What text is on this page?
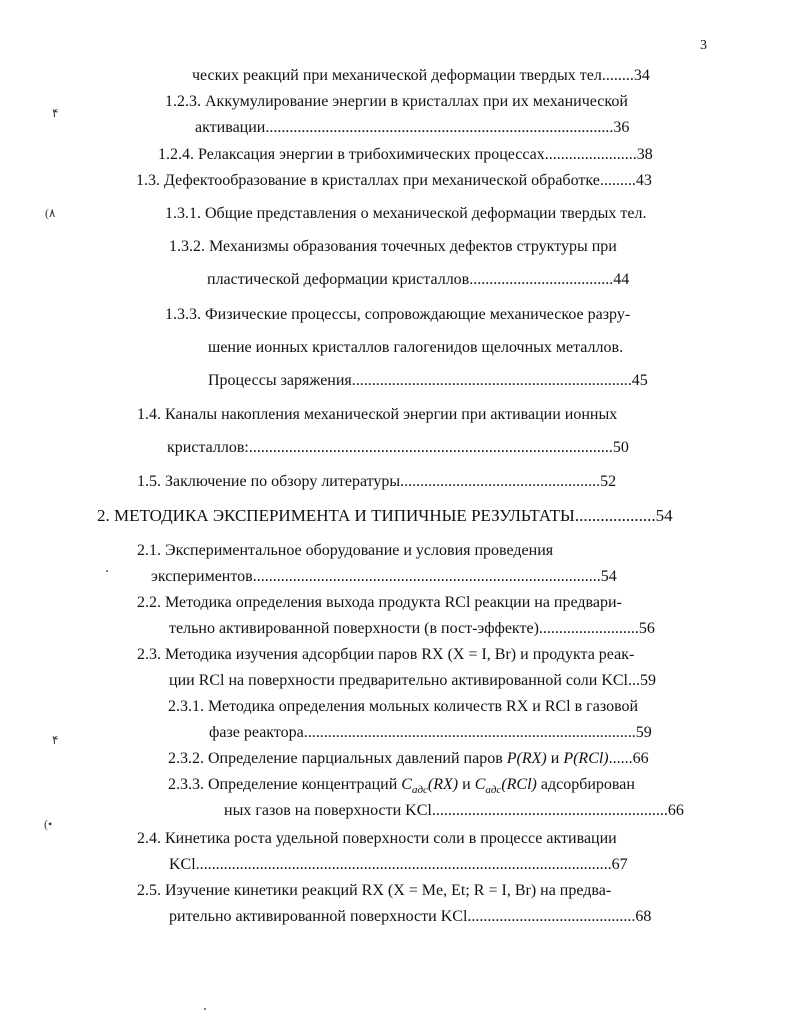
3
۴
(۸
۴
(•
ческих реакций при механической деформации твердых тел........34
1.2.3. Аккумулирование энергии в кристаллах при их механической
активации.......................................................................................36
1.2.4. Релаксация энергии в трибохимических процессах.......................38
1.3. Дефектообразование в кристаллах при механической обработке.........43
1.3.1. Общие представления о механической деформации твердых тел.
1.3.2. Механизмы образования точечных дефектов структуры при
пластической деформации кристаллов....................................44
1.3.3. Физические процессы, сопровождающие механическое разру-
шение ионных кристаллов галогенидов щелочных металлов.
Процессы заряжения......................................................................45
1.4. Каналы накопления механической энергии при активации ионных
кристаллов:...........................................................................................50
1.5. Заключение по обзору литературы..................................................52
2. МЕТОДИКА ЭКСПЕРИМЕНТА И ТИПИЧНЫЕ РЕЗУЛЬТАТЫ...................54
2.1. Экспериментальное оборудование и условия проведения
экспериментов.......................................................................................54
2.2. Методика определения выхода продукта RCl реакции на предвари-
тельно активированной поверхности (в пост-эффекте).........................56
2.3. Методика изучения адсорбции паров RX (X = I, Br) и продукта реак-
ции RCl на поверхности предварительно активированной соли KCl...59
2.3.1. Методика определения мольных количеств RX и RCl в газовой
фазе реактора...................................................................................59
2.3.2. Определение парциальных давлений паров P(RX) и P(RCl)......66
2.3.3. Определение концентраций $C_{адс}(RX)$ и $C_{адс}(RCl)$ адсорбирован
ных газов на поверхности KCl...........................................................66
2.4. Кинетика роста удельной поверхности соли в процессе активации
KCl........................................................................................................67
2.5. Изучение кинетики реакций RX (X = Me, Et; R = I, Br) на предва-
рительно активированной поверхности KCl..........................................68
